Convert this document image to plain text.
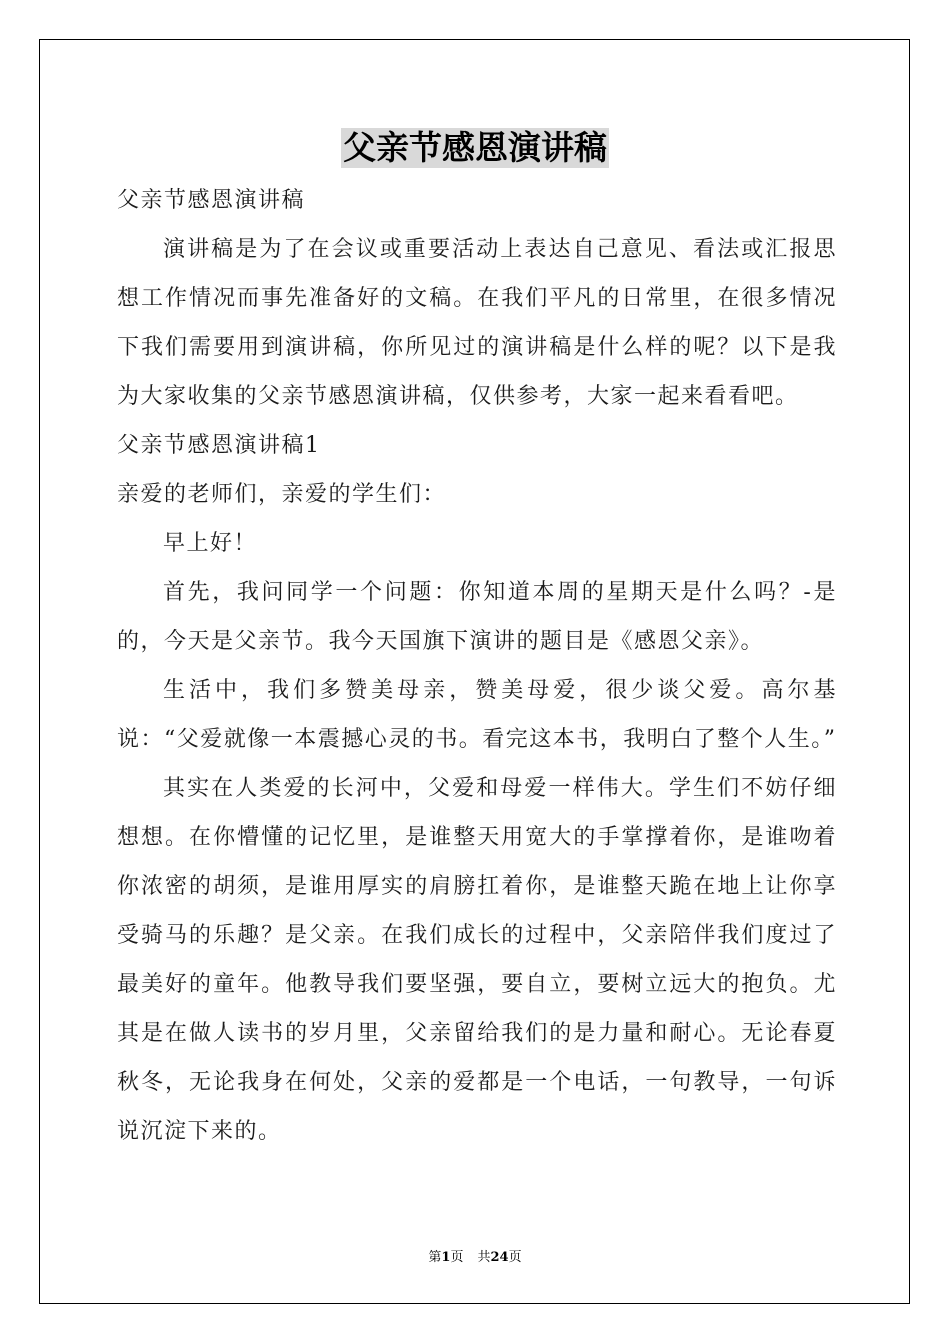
父亲节感恩演讲稿

父亲节感恩演讲稿

演讲稿是为了在会议或重要活动上表达自己意见、看法或汇报思想工作情况而事先准备好的文稿。在我们平凡的日常里，在很多情况下我们需要用到演讲稿，你所见过的演讲稿是什么样的呢？以下是我为大家收集的父亲节感恩演讲稿，仅供参考，大家一起来看看吧。

父亲节感恩演讲稿1

亲爱的老师们，亲爱的学生们：

早上好！

首先，我问同学一个问题：你知道本周的星期天是什么吗？-是的，今天是父亲节。我今天国旗下演讲的题目是《感恩父亲》。

生活中，我们多赞美母亲，赞美母爱，很少谈父爱。高尔基说：“父爱就像一本震撼心灵的书。看完这本书，我明白了整个人生。”

其实在人类爱的长河中，父爱和母爱一样伟大。学生们不妨仔细想想。在你懵懂的记忆里，是谁整天用宽大的手掌撑着你，是谁吻着你浓密的胡须，是谁用厚实的肩膀扛着你，是谁整天跪在地上让你享受骑马的乐趣？是父亲。在我们成长的过程中，父亲陪伴我们度过了最美好的童年。他教导我们要坚强，要自立，要树立远大的抱负。尤其是在做人读书的岁月里，父亲留给我们的是力量和耐心。无论春夏秋冬，无论我身在何处，父亲的爱都是一个电话，一句教导，一句诉说沉淀下来的。

第1页 共24页
